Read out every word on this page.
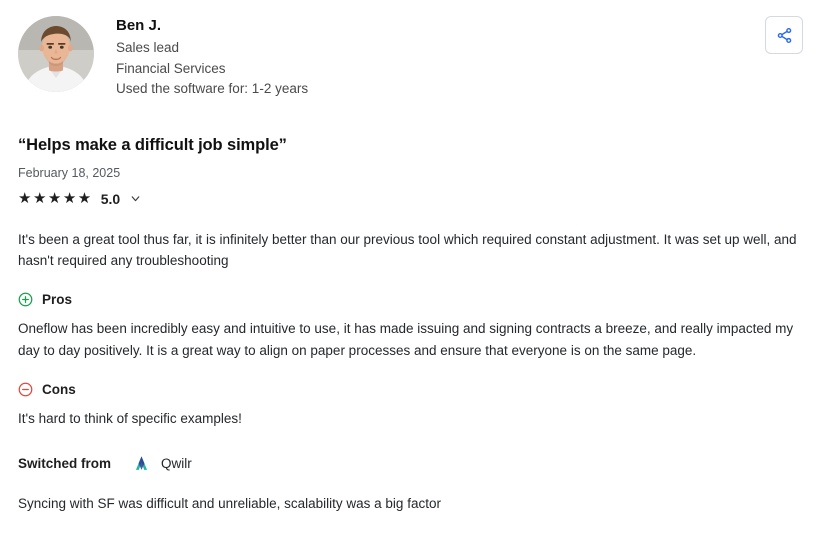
Ben J.
Sales lead
Financial Services
Used the software for: 1-2 years
“Helps make a difficult job simple”
February 18, 2025
★★★★★ 5.0
It's been a great tool thus far, it is infinitely better than our previous tool which required constant adjustment. It was set up well, and hasn't required any troubleshooting
Pros
Oneflow has been incredibly easy and intuitive to use, it has made issuing and signing contracts a breeze, and really impacted my day to day positively. It is a great way to align on paper processes and ensure that everyone is on the same page.
Cons
It's hard to think of specific examples!
Switched from	Qwilr
Syncing with SF was difficult and unreliable, scalability was a big factor
